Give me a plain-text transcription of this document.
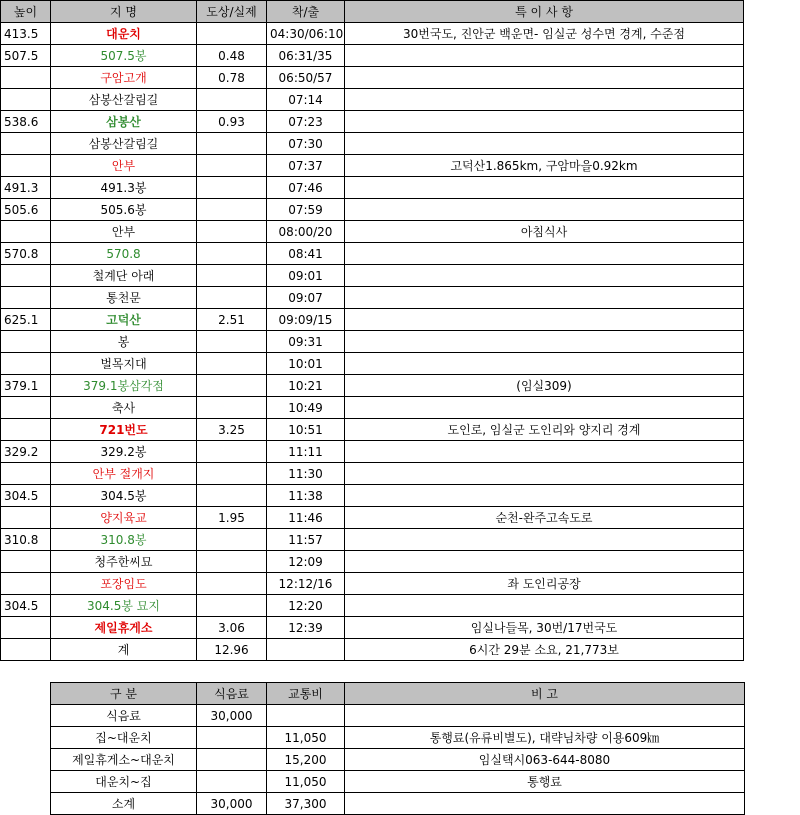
높이	지 명	도상/실제	착/출	특 이 사 항
413.5	대운치		04:30/06:10	30번국도, 진안군 백운면- 임실군 성수면 경계, 수준점
507.5	507.5봉	0.48	06:31/35	
	구암고개	0.78	06:50/57	
	삼봉산갈림길		07:14	
538.6	삼봉산	0.93	07:23	
	삼봉산갈림길		07:30	
	안부		07:37	고덕산1.865km, 구암마을0.92km
491.3	491.3봉		07:46	
505.6	505.6봉		07:59	
	안부		08:00/20	아침식사
570.8	570.8		08:41	
	철계단 아래		09:01	
	통천문		09:07	
625.1	고덕산	2.51	09:09/15	
	봉		09:31	
	벌목지대		10:01	
379.1	379.1봉삼각점		10:21	(임실309)
	축사		10:49	
	721번도	3.25	10:51	도인로, 임실군 도인리와 양지리 경계
329.2	329.2봉		11:11	
	안부 절개지		11:30	
304.5	304.5봉		11:38	
	양지육교	1.95	11:46	순천-완주고속도로
310.8	310.8봉		11:57	
	청주한씨묘		12:09	
	포장임도		12:12/16	좌 도인리공장
304.5	304.5봉 묘지		12:20	
	제일휴게소	3.06	12:39	임실나들목, 30번/17번국도
	계	12.96		6시간 29분 소요, 21,773보
구 분	식음료	교통비	비 고
식음료	30,000		
집~대운치		11,050	통행료(유류비별도), 대략님차량 이용609㎞
제일휴게소~대운치		15,200	임실택시063-644-8080
대운치~집		11,050	통행료
소계	30,000	37,300	
